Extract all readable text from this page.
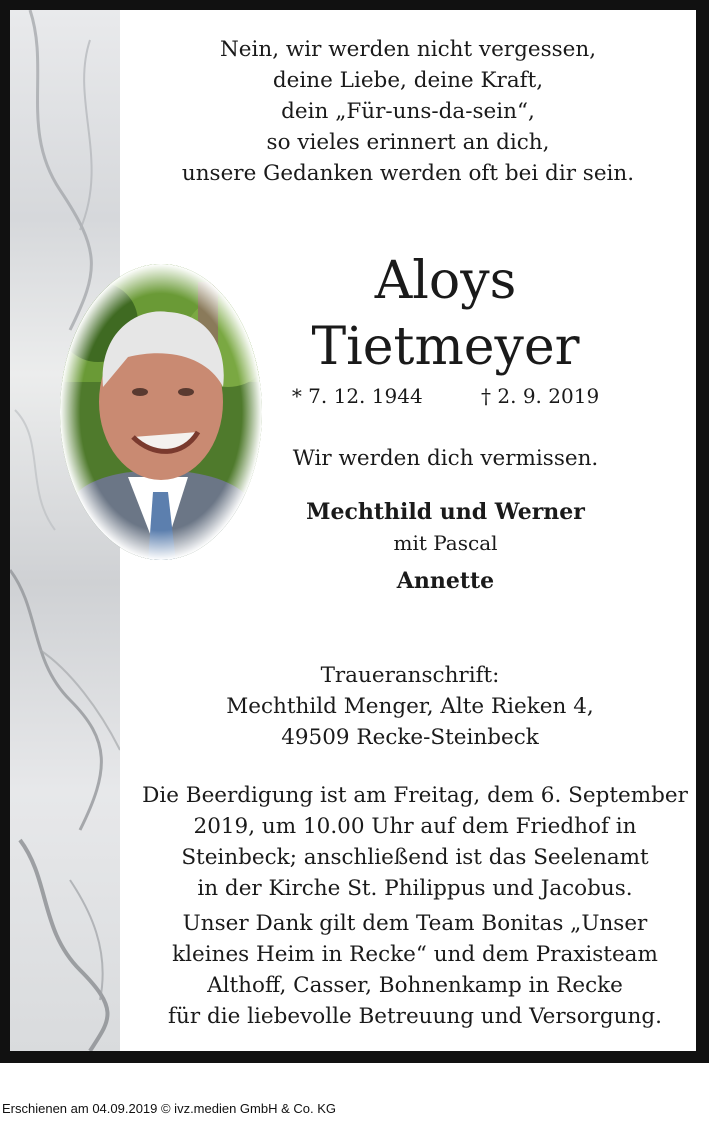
Nein, wir werden nicht vergessen,
deine Liebe, deine Kraft,
dein „Für-uns-da-sein“,
so vieles erinnert an dich,
unsere Gedanken werden oft bei dir sein.
Aloys
Tietmeyer
* 7. 12. 1944	† 2. 9. 2019
Wir werden dich vermissen.
Mechthild und Werner
mit Pascal
Annette
Traueranschrift:
Mechthild Menger, Alte Rieken 4,
49509 Recke-Steinbeck
Die Beerdigung ist am Freitag, dem 6. September
2019, um 10.00 Uhr auf dem Friedhof in
Steinbeck; anschließend ist das Seelenamt
in der Kirche St. Philippus und Jacobus.
Unser Dank gilt dem Team Bonitas „Unser
kleines Heim in Recke“ und dem Praxisteam
Althoff, Casser, Bohnenkamp in Recke
für die liebevolle Betreuung und Versorgung.
Erschienen am 04.09.2019 © ivz.medien GmbH & Co. KG
